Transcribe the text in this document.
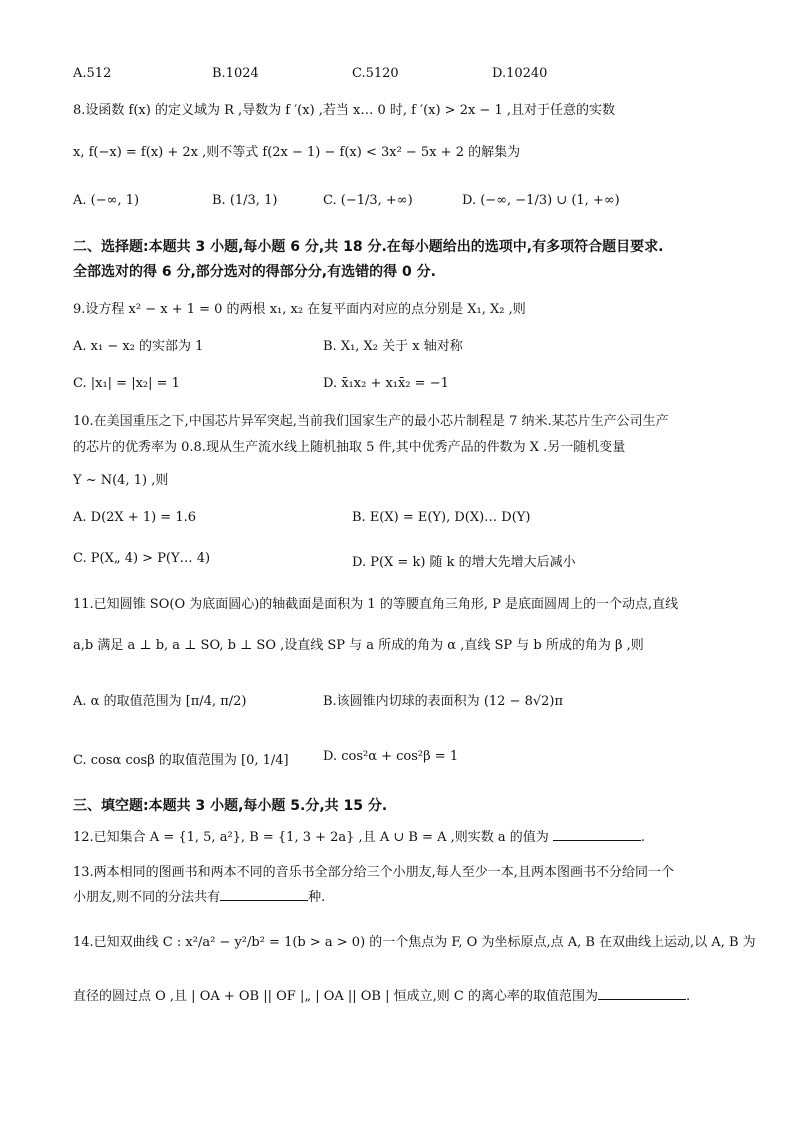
A.512	B.1024	C.5120	D.10240
8.设函数 f(x) 的定义域为 R ,导数为 f ′(x) ,若当 x… 0 时, f ′(x) > 2x − 1 ,且对于任意的实数
x, f(−x) = f(x) + 2x ,则不等式 f(2x − 1) − f(x) < 3x² − 5x + 2 的解集为
A. (−∞, 1)	B. (1/3, 1)	C. (−1/3, +∞)	D. (−∞, −1/3) ∪ (1, +∞)
二、选择题:本题共 3 小题,每小题 6 分,共 18 分.在每小题给出的选项中,有多项符合题目要求.
全部选对的得 6 分,部分选对的得部分分,有选错的得 0 分.
9.设方程 x² − x + 1 = 0 的两根 x₁, x₂ 在复平面内对应的点分别是 X₁, X₂ ,则
A. x₁ − x₂ 的实部为 1	B. X₁, X₂ 关于 x 轴对称
C. |x₁| = |x₂| = 1	D. x̄₁x₂ + x₁x̄₂ = −1
10.在美国重压之下,中国芯片异军突起,当前我们国家生产的最小芯片制程是 7 纳米.某芯片生产公司生产
的芯片的优秀率为 0.8.现从生产流水线上随机抽取 5 件,其中优秀产品的件数为 X .另一随机变量
Y ~ N(4, 1) ,则
A. D(2X + 1) = 1.6	B. E(X) = E(Y), D(X)… D(Y)
C. P(X„ 4) > P(Y… 4)	D. P(X = k) 随 k 的增大先增大后减小
11.已知圆锥 SO(O 为底面圆心)的轴截面是面积为 1 的等腰直角三角形, P 是底面圆周上的一个动点,直线
a,b 满足 a ⊥ b, a ⊥ SO, b ⊥ SO ,设直线 SP 与 a 所成的角为 α ,直线 SP 与 b 所成的角为 β ,则
A. α 的取值范围为 [π/4, π/2)	B.该圆锥内切球的表面积为 (12 − 8√2)π
C. cosα cosβ 的取值范围为 [0, 1/4]	D. cos²α + cos²β = 1
三、填空题:本题共 3 小题,每小题 5.分,共 15 分.
12.已知集合 A = {1, 5, a²}, B = {1, 3 + 2a} ,且 A ∪ B = A ,则实数 a 的值为	.
13.两本相同的图画书和两本不同的音乐书全部分给三个小朋友,每人至少一本,且两本图画书不分给同一个
小朋友,则不同的分法共有	种.
14.已知双曲线 C : x²/a² − y²/b² = 1(b > a > 0) 的一个焦点为 F, O 为坐标原点,点 A, B 在双曲线上运动,以 A, B 为
直径的圆过点 O ,且 | OA + OB || OF |„ | OA || OB | 恒成立,则 C 的离心率的取值范围为	.
